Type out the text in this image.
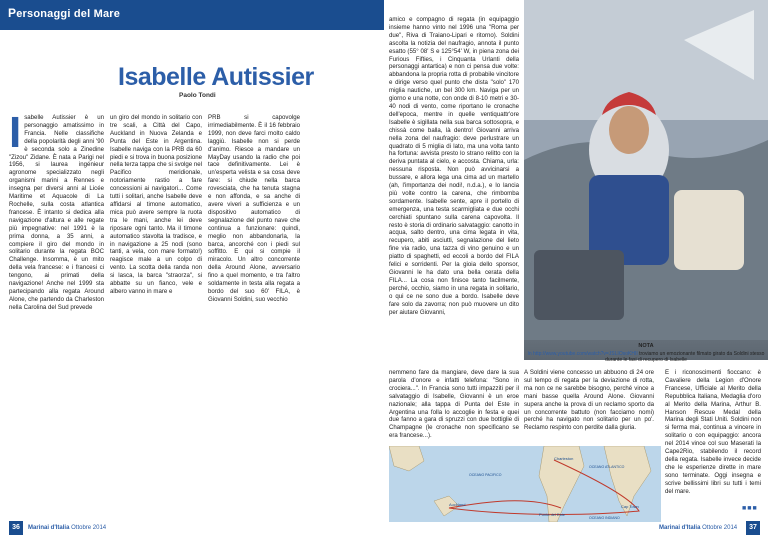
Personaggi del Mare
Isabelle Autissier
Paolo Tondi
I sabelle Autissier è un personaggio amatissimo in Francia. Nelle classifiche della popolarità degli anni '90 è seconda solo a Zinedine "Zizou" Zidane. È nata a Parigi nel 1956, si laurea ingénieur agronome specializzato negli organismi marini a Rennes e insegna per diversi anni al Licée Maritime et Aquacole di La Rochelle, sulla costa atlantica francese. È intanto si dedica alla navigazione d'altura e alle regate più impegnative: nel 1991 è la prima donna, a 35 anni, a compiere il giro del mondo in solitario durante la regata BOC Challenge. Insomma, è un mito della vela francese: e i francesi ci tengono, ai primati della navigazione! Anche nel 1999 sta partecipando alla regata Around Alone, che partendo da Charleston nella Carolina del Sud prevede
un giro del mondo in solitario con tre scali, a Città del Capo, Auckland in Nuova Zelanda e Punta del Este in Argentina. Isabelle naviga con la PRB da 60 piedi e si trova in buona posizione nella terza tappa che si svolge nel Pacifico meridionale, notoriamente rastio a fare concessioni ai navigatori... Come tutti i solitari, anche Isabelle deve affidarsi al timone automatico, mica può avere sempre la ruota tra le mani, anche lei deve riposare ogni tanto. Ma il timone automatico stavolta la tradisce, e in navigazione a 25 nodi (sono tanti, a vela, con mare formato!) reagisce male a un colpo di vento. La scotta della randa non si lasca, la barca "straorza", si abbatte su un fianco, vele e albero vanno in mare e
PRB si capovolge irrimediabilmente. È il 16 febbraio 1999, non deve farci molto caldo laggiù. Isabelle non si perde d'animo. Riesce a mandare un MayDay usando la radio che poi tace definitivamente. Lei è un'esperta velista e sa cosa deve fare: si chiude nella barca rovesciata, che ha tenuta stagna e non affonda, e sa anche di avere viveri a sufficienza e un dispositivo automatico di segnalazione del punto nave che continua a funzionare: quindi, meglio non abbandonarla, la barca, ancorché con i piedi sul soffitto. E qui si compie il miracolo. Un altro concorrente della Around Alone, avversario fino a quel momento, e tra l'altro soldamente in testa alla regata a bordo del suo 60' FILA, è Giovanni Soldini, suo vecchio
amico e compagno di regata (in equipaggio insieme hanno vinto nel 1996 una "Roma per due", Riva di Traiano-Lipari e ritorno). Soldini ascolta la notizia del naufragio, annota il punto esatto (55° 08' S e 125°54' W, in piena zona dei Furious Fifties, i Cinquanta Urlanti della personaggi antartica) e non ci pensa due volte: abbandona la propria rotta di probabile vincitore e dirige verso quel punto che dista "solo" 170 miglia nautiche, un bel 300 km. Naviga per un giorno e una notte, con onde di 8-10 metri e 30-40 nodi di vento, come riportano le cronache dell'epoca, mentre in quelle ventiquattr'ore Isabelle è sigillata nella sua barca sottosopra, e chissà come balla, là dentro! Giovanni arriva nella zona del naufragio: deve perlustrare un quadrato di 5 miglia di lato, ma una volta tanto ha fortuna: avvista presto lo strano relitto con la deriva puntata al cielo, e accosta. Chiama, urla: nessuna risposta. Non può avvicinarsi a bussare, e allora lega una cima ad un martello (ah, l'importanza dei nodi!, n.d.a.), e lo lancia più volte contro la carena, che rimbomba sordamente. Isabelle sente, apre il portello di emergenza, una testa scarmigliata e due occhi cerchiati spuntano sulla carena capovolta. Il resto è storia di ordinario salvataggio: canotto in acqua, salto dentro, una cima legata in vita, recupero, abiti asciutti, segnalazione del lieto fine via radio, una tazza di vino genuino e un piatto di spaghetti, ed eccoli a bordo del FILA felici e sorridenti. Per la gioia dello sponsor, Giovanni le ha dato una bella cerata della FILA... La cosa non finisce tanto facilmente, perché, occhio, siamo in una regata in solitario, o qui ce ne sono due a bordo. Isabelle deve fare solo da zavorra; non può muovere un dito per aiutare Giovanni,
NOTA
In http://www.youtube.com/watch?v=JSLIOsoKHII troviamo un emozionante filmato girato da Soldini stesso durante le fasi di recupero di Isabelle
nemmeno fare da mangiare, deve dare la sua parola d'onore e infatti telefona: "Sono in crociera...". In Francia sono tutti impazziti per il salvataggio di Isabelle, Giovanni è un eroe nazionale; alla tappa di Punta del Este in Argentina una folla lo accoglie in festa e quei due fanno a gara di spruzzi con due bottiglie di Champagne (le cronache non specificano se era francese...).
A Soldini viene concesso un abbuono di 24 ore sul tempo di regata per la deviazione di rotta, ma non ce ne sarebbe bisogno, perché vince a mani basse quella Around Alone. Giovanni supera anche la prova di un reclamo sporto da un concorrente battuto (non facciamo nomi) perché ha navigato non solitario per un po'. Reclamo respinto con perdite dalla giuria.
E i riconoscimenti fioccano: è Cavaliere della Legion d'Onore Francese, Ufficiale al Merito della Repubblica Italiana, Medaglia d'oro al Merito della Marina, Arthur B. Hanson Rescue Medal della Marina degli Stati Uniti. Soldini non si ferma mai, continua a vincere in solitario o con equipaggio: ancora nel 2014 vince col suo Maserati la Cape2Rio, stabilendo il record della regata. Isabelle invece decide che le esperienze dirette in mare sono terminate. Oggi insegna e scrive bellissimi libri su tutti i temi del mare.
Charleston
OCEANO ATLANTICO
OCEANO PACIFICO
Auckland
Punta del Este
Cap Town
OCEANO INDIANO
■■■
36	Marinai d'Italia Ottobre 2014	Marinai d'Italia Ottobre 2014	37
